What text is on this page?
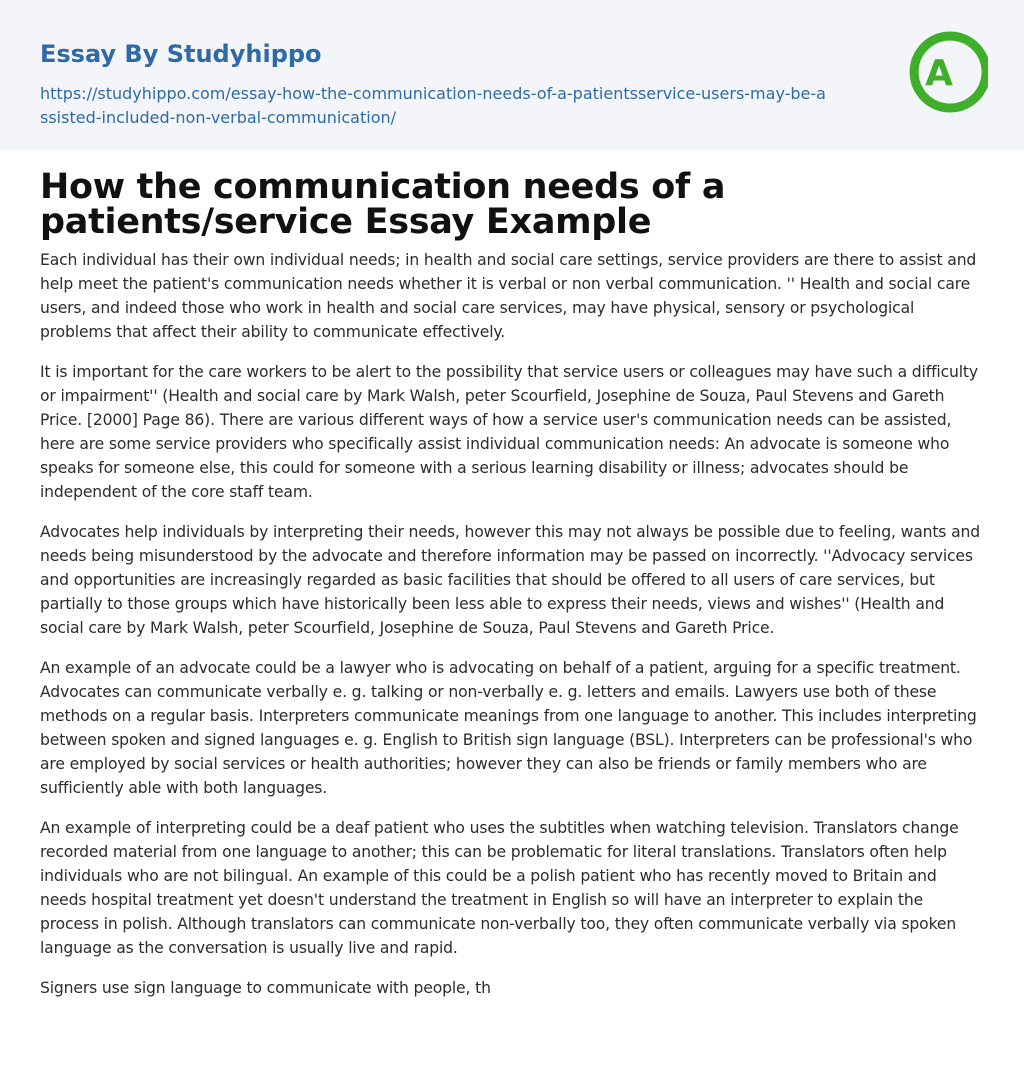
Essay By Studyhippo
https://studyhippo.com/essay-how-the-communication-needs-of-a-patientsservice-users-may-be-assisted-included-non-verbal-communication/
A
How the communication needs of a patients/service Essay Example

Each individual has their own individual needs; in health and social care settings, service providers are there to assist and help meet the patient's communication needs whether it is verbal or non verbal communication. '' Health and social care users, and indeed those who work in health and social care services, may have physical, sensory or psychological problems that affect their ability to communicate effectively.

It is important for the care workers to be alert to the possibility that service users or colleagues may have such a difficulty or impairment'' (Health and social care by Mark Walsh, peter Scourfield, Josephine de Souza, Paul Stevens and Gareth Price. [2000] Page 86). There are various different ways of how a service user's communication needs can be assisted, here are some service providers who specifically assist individual communication needs: An advocate is someone who speaks for someone else, this could for someone with a serious learning disability or illness; advocates should be independent of the core staff team.

Advocates help individuals by interpreting their needs, however this may not always be possible due to feeling, wants and needs being misunderstood by the advocate and therefore information may be passed on incorrectly. ''Advocacy services and opportunities are increasingly regarded as basic facilities that should be offered to all users of care services, but partially to those groups which have historically been less able to express their needs, views and wishes'' (Health and social care by Mark Walsh, peter Scourfield, Josephine de Souza, Paul Stevens and Gareth Price.

An example of an advocate could be a lawyer who is advocating on behalf of a patient, arguing for a specific treatment. Advocates can communicate verbally e. g. talking or non-verbally e. g. letters and emails. Lawyers use both of these methods on a regular basis. Interpreters communicate meanings from one language to another. This includes interpreting between spoken and signed languages e. g. English to British sign language (BSL). Interpreters can be professional's who are employed by social services or health authorities; however they can also be friends or family members who are sufficiently able with both languages.

An example of interpreting could be a deaf patient who uses the subtitles when watching television. Translators change recorded material from one language to another; this can be problematic for literal translations. Translators often help individuals who are not bilingual. An example of this could be a polish patient who has recently moved to Britain and needs hospital treatment yet doesn't understand the treatment in English so will have an interpreter to explain the process in polish. Although translators can communicate non-verbally too, they often communicate verbally via spoken language as the conversation is usually live and rapid.

Signers use sign language to communicate with people, th
